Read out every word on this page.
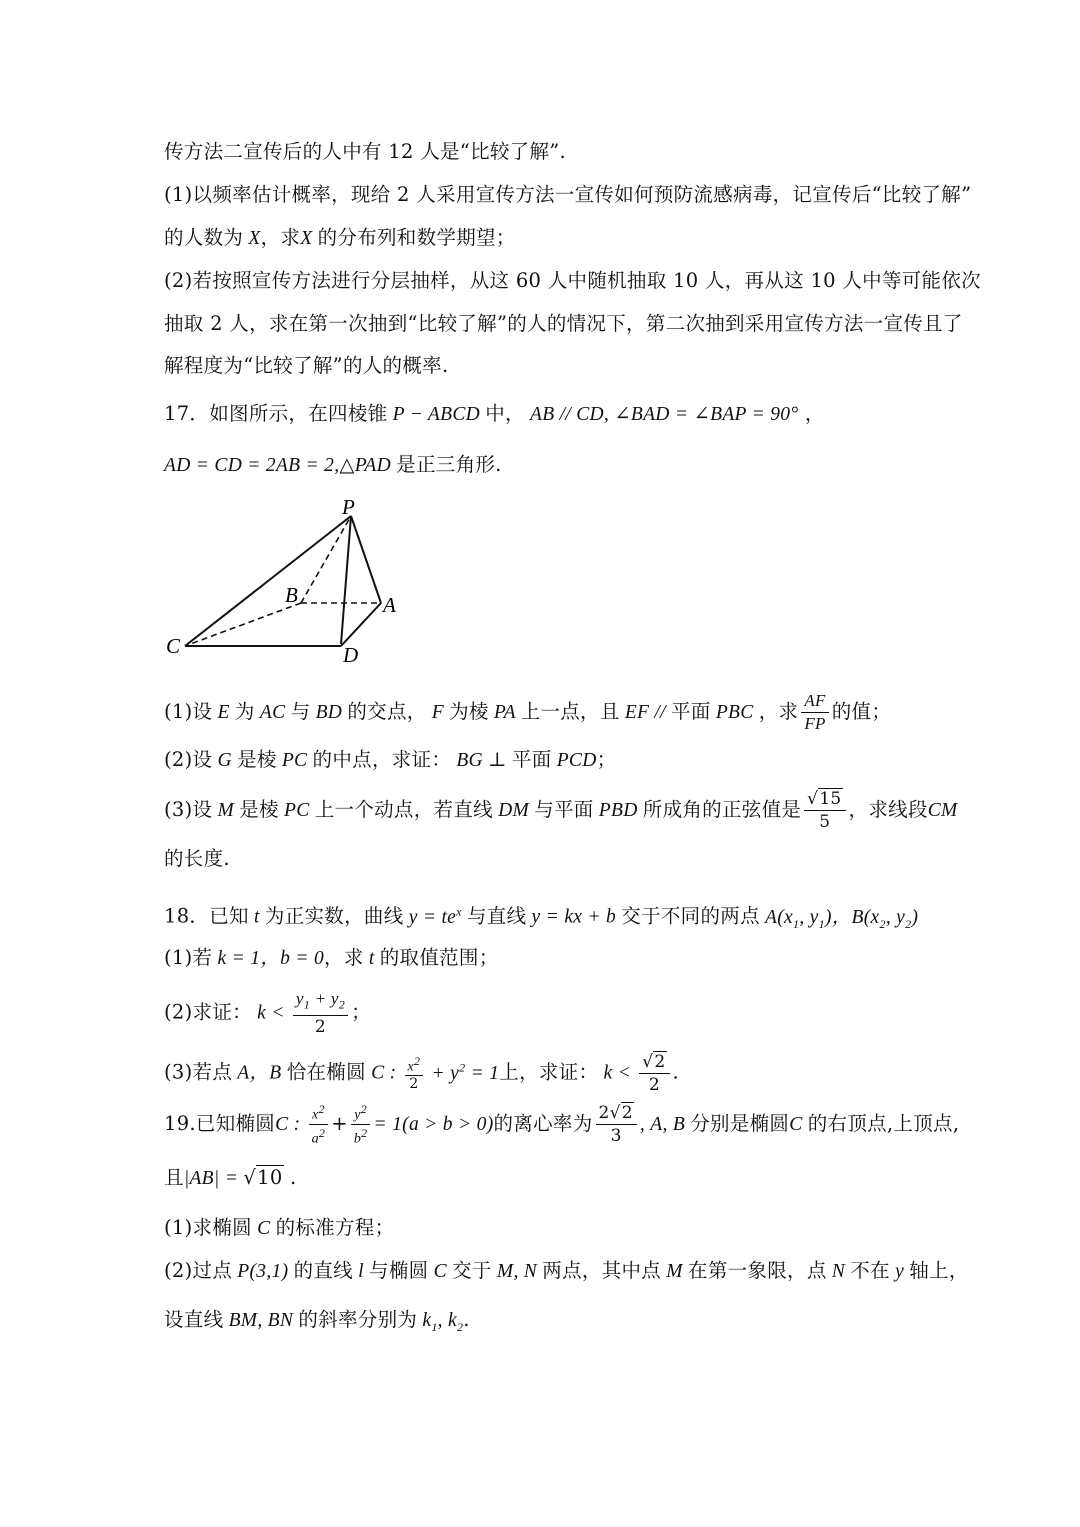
传方法二宣传后的人中有 12 人是“比较了解”.
(1)以频率估计概率，现给 2 人采用宣传方法一宣传如何预防流感病毒，记宣传后“比较了解”
的人数为 X，求X 的分布列和数学期望；
(2)若按照宣传方法进行分层抽样，从这 60 人中随机抽取 10 人，再从这 10 人中等可能依次
抽取 2 人，求在第一次抽到“比较了解”的人的情况下，第二次抽到采用宣传方法一宣传且了
解程度为“比较了解”的人的概率.
17．如图所示，在四棱锥 P − ABCD 中， AB // CD, ∠BAD = ∠BAP = 90° ，
AD = CD = 2AB = 2,△PAD 是正三角形.
P
B	A
C	D
(1)设 E 为 AC 与 BD 的交点， F 为棱 PA 上一点，且 EF // 平面 PBC ，求 $\frac{AF}{FP}$ 的值；
(2)设 G 是棱 PC 的中点，求证： BG ⊥ 平面 PCD；
(3)设 M 是棱 PC 上一个动点，若直线 DM 与平面 PBD 所成角的正弦值是 $\frac{√15}{5}$ ，求线段CM
的长度.
18．已知 t 为正实数，曲线 $y = te^x$ 与直线 y = kx + b 交于不同的两点 $A(x_1$, $y_1$)，$B(x_2$, $y_2$)
(1)若 k = 1，b = 0，求 t 的取值范围；
(2)求证： $k < \frac{y_1 + y_2}{2}$ ；
(3)若点 A，B 恰在椭圆 C : $\frac{x^2}{2} + y^2 = 1$上，求证： $k < \frac{√2}{2}$ .
19.已知椭圆C : $\frac{x^2}{a^2} + \frac{y^2}{b^2} = 1(a > b > 0)$的离心率为 $\frac{2√2}{3}$ , A, B 分别是椭圆C 的右顶点,上顶点,
且|AB| = √10 .
(1)求椭圆 C 的标准方程；
(2)过点 P(3,1) 的直线 l 与椭圆 C 交于 M, N 两点，其中点 M 在第一象限，点 N 不在 y 轴上，
设直线 BM, BN 的斜率分别为 $k_1$, $k_2$.
